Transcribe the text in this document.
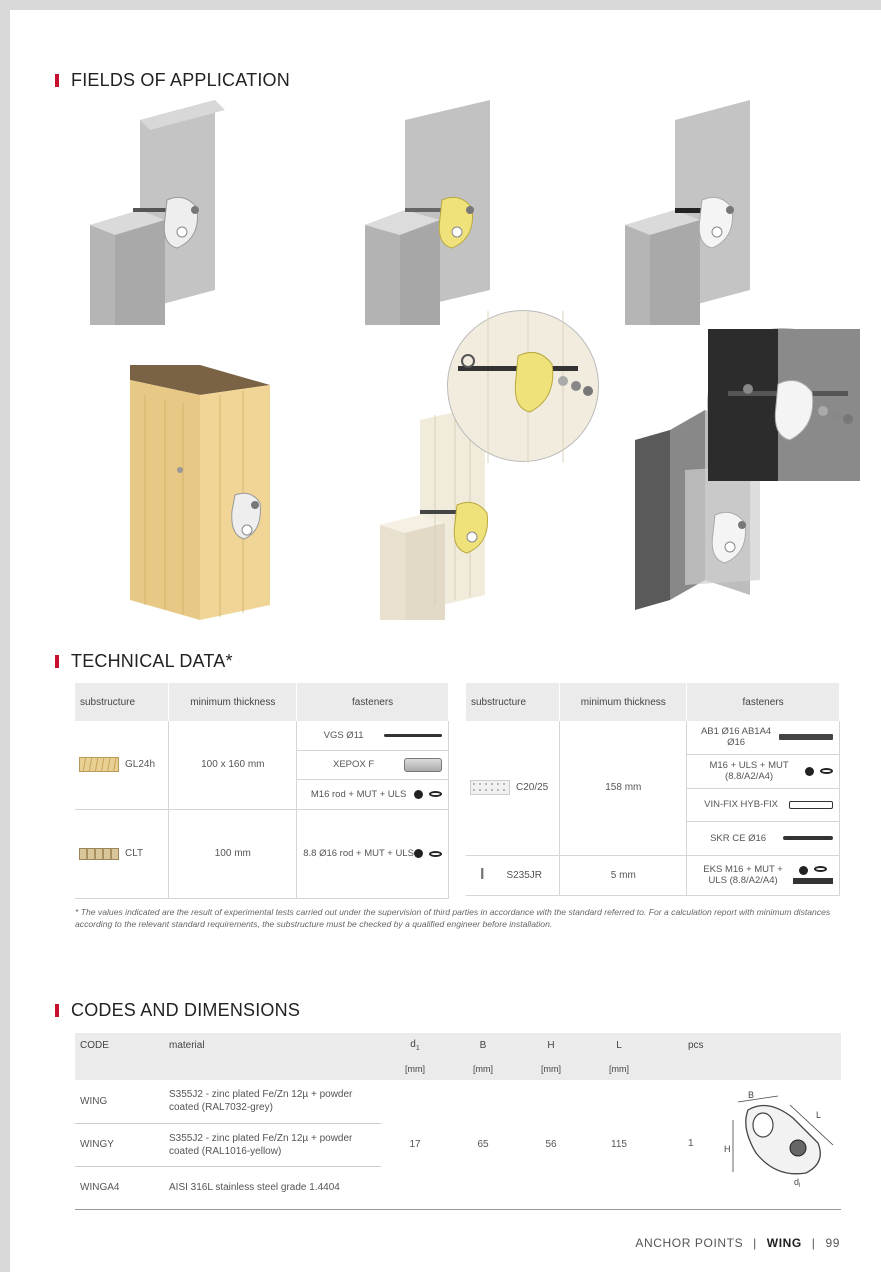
FIELDS OF APPLICATION
TECHNICAL DATA*
substructure	minimum thickness	fasteners

GL24h	100 x 160 mm	VGS Ø11

		XEPOX F

		M16 rod + MUT + ULS

CLT	100 mm	8.8 Ø16 rod + MUT + ULS
substructure	minimum thickness	fasteners

C20/25	158 mm	AB1 Ø16 AB1A4 Ø16

		M16 + ULS + MUT (8.8/A2/A4)

		VIN-FIX HYB-FIX

		SKR CE Ø16

I S235JR	5 mm	EKS M16 + MUT + ULS (8.8/A2/A4)
* The values indicated are the result of experimental tests carried out under the supervision of third parties in accordance with the standard referred to. For a calculation report with minimum distances according to the relevant standard requirements, the substructure must be checked by a qualified engineer before installation.
CODES AND DIMENSIONS
CODE	material	$d_1$	B	H	L	pcs
		[mm]	[mm]	[mm]	[mm]	
WING	S355J2 - zinc plated Fe/Zn 12µ + powder coated (RAL7032-grey)	17	65	56	115	1
B
L
H
$d_l$

WINGY	S355J2 - zinc plated Fe/Zn 12µ + powder coated (RAL1016-yellow)					
WINGA4	AISI 316L stainless steel grade 1.4404					

ANCHOR POINTS | WING | 99
